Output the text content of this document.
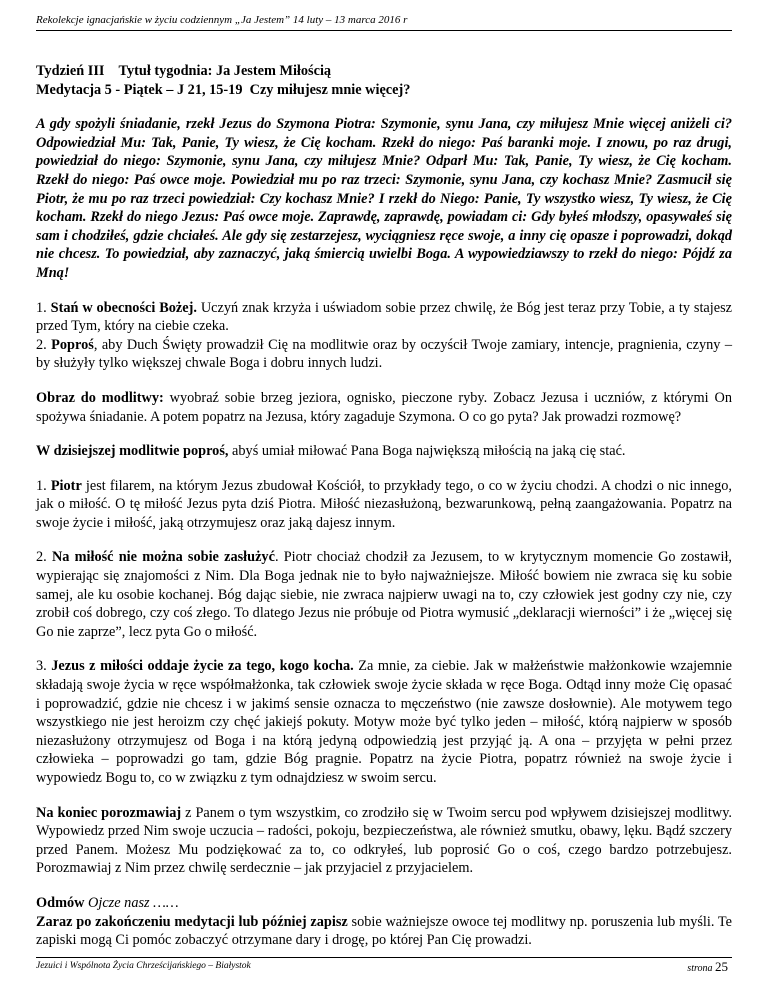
Rekolekcje ignacjańskie w życiu codziennym „Ja Jestem” 14 luty – 13 marca 2016 r

Tydzień III    Tytuł tygodnia: Ja Jestem Miłością

Medytacja 5 - Piątek – J 21, 15-19  Czy miłujesz mnie więcej?

A gdy spożyli śniadanie, rzekł Jezus do Szymona Piotra: Szymonie, synu Jana, czy miłujesz Mnie więcej aniżeli ci? Odpowiedział Mu: Tak, Panie, Ty wiesz, że Cię kocham. Rzekł do niego: Paś baranki moje. I znowu, po raz drugi, powiedział do niego: Szymonie, synu Jana, czy miłujesz Mnie? Odparł Mu: Tak, Panie, Ty wiesz, że Cię kocham. Rzekł do niego: Paś owce moje. Powiedział mu po raz trzeci: Szymonie, synu Jana, czy kochasz Mnie? Zasmucił się Piotr, że mu po raz trzeci powiedział: Czy kochasz Mnie? I rzekł do Niego: Panie, Ty wszystko wiesz, Ty wiesz, że Cię kocham. Rzekł do niego Jezus: Paś owce moje. Zaprawdę, zaprawdę, powiadam ci: Gdy byłeś młodszy, opasywałeś się sam i chodziłeś, gdzie chciałeś. Ale gdy się zestarzejesz, wyciągniesz ręce swoje, a inny cię opasze i poprowadzi, dokąd nie chcesz. To powiedział, aby zaznaczyć, jaką śmiercią uwielbi Boga. A wypowiedziawszy to rzekł do niego: Pójdź za Mną!

1. Stań w obecności Bożej. Uczyń znak krzyża i uświadom sobie przez chwilę, że Bóg jest teraz przy Tobie, a ty stajesz przed Tym, który na ciebie czeka.

2. Poproś, aby Duch Święty prowadził Cię na modlitwie oraz by oczyścił Twoje zamiary, intencje, pragnienia, czyny – by służyły tylko większej chwale Boga i dobru innych ludzi.

Obraz do modlitwy: wyobraź sobie brzeg jeziora, ognisko, pieczone ryby. Zobacz Jezusa i uczniów, z którymi On spożywa śniadanie. A potem popatrz na Jezusa, który zagaduje Szymona. O co go pyta? Jak prowadzi rozmowę?

W dzisiejszej modlitwie poproś, abyś umiał miłować Pana Boga największą miłością na jaką cię stać.

1. Piotr jest filarem, na którym Jezus zbudował Kościół, to przykłady tego, o co w życiu chodzi. A chodzi o nic innego, jak o miłość. O tę miłość Jezus pyta dziś Piotra. Miłość niezasłużoną, bezwarunkową, pełną zaangażowania. Popatrz na swoje życie i miłość, jaką otrzymujesz oraz jaką dajesz innym.

2. Na miłość nie można sobie zasłużyć. Piotr chociaż chodził za Jezusem, to w krytycznym momencie Go zostawił, wypierając się znajomości z Nim. Dla Boga jednak nie to było najważniejsze. Miłość bowiem nie zwraca się ku sobie samej, ale ku osobie kochanej. Bóg dając siebie, nie zwraca najpierw uwagi na to, czy człowiek jest godny czy nie, czy zrobił coś dobrego, czy coś złego. To dlatego Jezus nie próbuje od Piotra wymusić „deklaracji wierności” i że „więcej się Go nie zaprze”, lecz pyta Go o miłość.

3. Jezus z miłości oddaje życie za tego, kogo kocha. Za mnie, za ciebie. Jak w małżeństwie małżonkowie wzajemnie składają swoje życia w ręce współmałżonka, tak człowiek swoje życie składa w ręce Boga. Odtąd inny może Cię opasać i poprowadzić, gdzie nie chcesz i w jakimś sensie oznacza to męczeństwo (nie zawsze dosłownie). Ale motywem tego wszystkiego nie jest heroizm czy chęć jakiejś pokuty. Motyw może być tylko jeden – miłość, którą najpierw w sposób niezasłużony otrzymujesz od Boga i na którą jedyną odpowiedzią jest przyjąć ją. A ona – przyjęta w pełni przez człowieka – poprowadzi go tam, gdzie Bóg pragnie. Popatrz na życie Piotra, popatrz również na swoje życie i wypowiedz Bogu to, co w związku z tym odnajdziesz w swoim sercu.

Na koniec porozmawiaj z Panem o tym wszystkim, co zrodziło się w Twoim sercu pod wpływem dzisiejszej modlitwy. Wypowiedz przed Nim swoje uczucia – radości, pokoju, bezpieczeństwa, ale również smutku, obawy, lęku. Bądź szczery przed Panem. Możesz Mu podziękować za to, co odkryłeś, lub poprosić Go o coś, czego bardzo potrzebujesz. Porozmawiaj z Nim przez chwilę serdecznie – jak przyjaciel z przyjacielem.

Odmów Ojcze nasz ……

Zaraz po zakończeniu medytacji lub później zapisz sobie ważniejsze owoce tej modlitwy np. poruszenia lub myśli. Te zapiski mogą Ci pomóc zobaczyć otrzymane dary i drogę, po której Pan Cię prowadzi.

Jezuici i Wspólnota Życia Chrześcijańskiego – Białystok	strona 25
